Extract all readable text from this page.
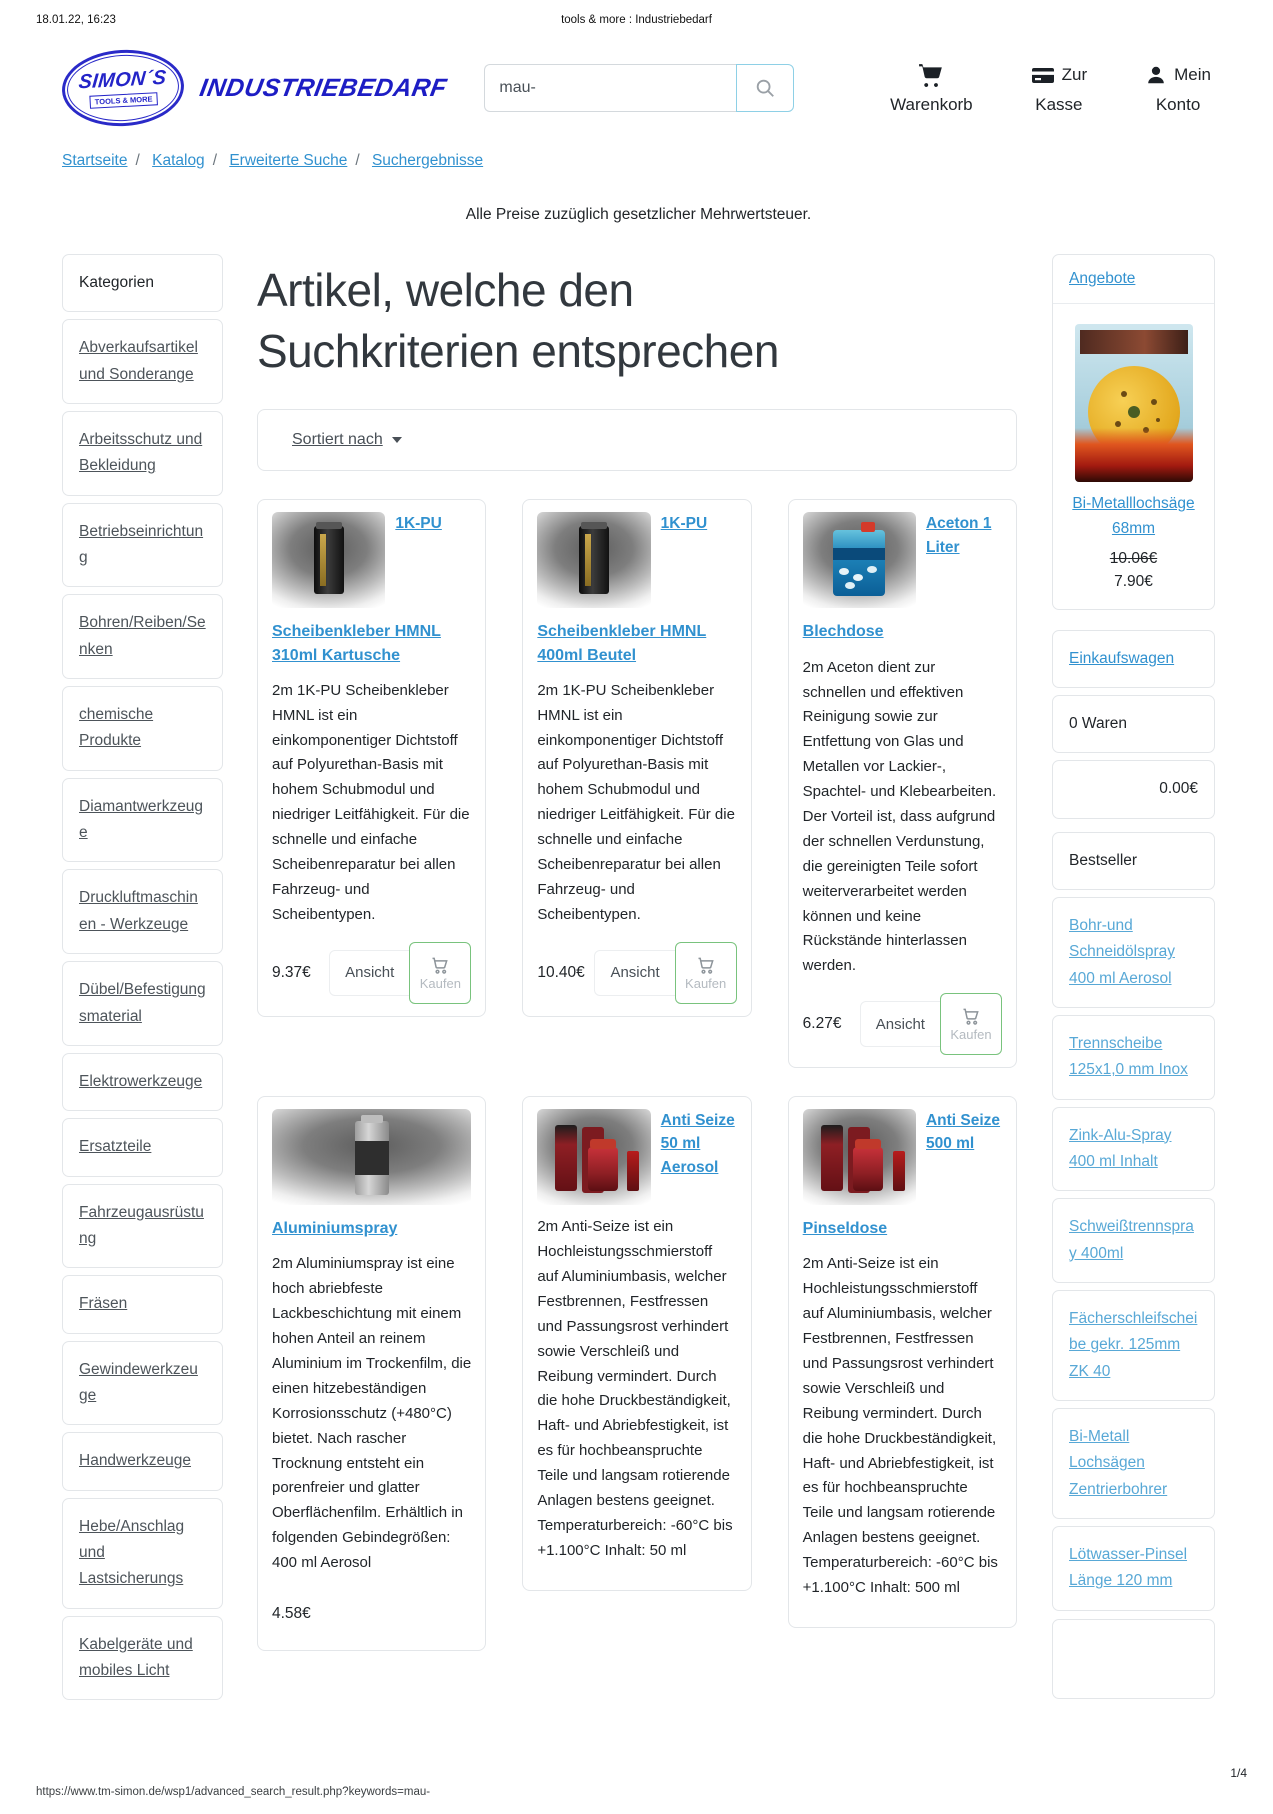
18.01.22, 16:23	tools & more : Industriebedarf
SIMON´S
TOOLS & MORE INDUSTRIEBEDARF
mau-
Warenkorb
Zur
Kasse
Mein
Konto
Startseite / Katalog / Erweiterte Suche / Suchergebnisse
Alle Preise zuzüglich gesetzlicher Mehrwertsteuer.
Kategorien
Abverkaufsartikel und Sonderange
Arbeitsschutz und Bekleidung
Betriebseinrichtung
Bohren/Reiben/Senken
chemische Produkte
Diamantwerkzeuge
Druckluftmaschinen - Werkzeuge
Dübel/Befestigungsmaterial
Elektrowerkzeuge
Ersatzteile
Fahrzeugausrüstung
Fräsen
Gewindewerkzeuge
Handwerkzeuge
Hebe/Anschlag und Lastsicherungs
Kabelgeräte und mobiles Licht
Artikel, welche den Suchkriterien entsprechen
Sortiert nach
1K-PU
Scheibenkleber HMNL 310ml Kartusche

2m 1K-PU Scheibenkleber HMNL ist ein einkomponentiger Dichtstoff auf Polyurethan-Basis mit hohem Schubmodul und niedriger Leitfähigkeit. Für die schnelle und einfache Scheibenreparatur bei allen Fahrzeug- und Scheibentypen.

9.37€	Ansicht
Kaufen
1K-PU
Scheibenkleber HMNL 400ml Beutel

2m 1K-PU Scheibenkleber HMNL ist ein einkomponentiger Dichtstoff auf Polyurethan-Basis mit hohem Schubmodul und niedriger Leitfähigkeit. Für die schnelle und einfache Scheibenreparatur bei allen Fahrzeug- und Scheibentypen.

10.40€	Ansicht
Kaufen
Aceton 1 Liter
Blechdose

2m Aceton dient zur schnellen und effektiven Reinigung sowie zur Entfettung von Glas und Metallen vor Lackier-, Spachtel- und Klebearbeiten. Der Vorteil ist, dass aufgrund der schnellen Verdunstung, die gereinigten Teile sofort weiterverarbeitet werden können und keine Rückstände hinterlassen werden.

6.27€	Ansicht
Kaufen
Aluminiumspray

2m Aluminiumspray ist eine hoch abriebfeste Lackbeschichtung mit einem hohen Anteil an reinem Aluminium im Trockenfilm, die einen hitzebeständigen Korrosionsschutz (+480°C) bietet. Nach rascher Trocknung entsteht ein porenfreier und glatter Oberflächenfilm. Erhältlich in folgenden Gebindegrößen: 400 ml Aerosol

4.58€
Anti Seize 50 ml Aerosol

2m Anti-Seize ist ein Hochleistungsschmierstoff auf Aluminiumbasis, welcher Festbrennen, Festfressen und Passungsrost verhindert sowie Verschleiß und Reibung vermindert. Durch die hohe Druckbeständigkeit, Haft- und Abriebfestigkeit, ist es für hochbeanspruchte Teile und langsam rotierende Anlagen bestens geeignet. Temperaturbereich: -60°C bis +1.100°C Inhalt: 50 ml

Anti Seize 500 ml
Pinseldose

2m Anti-Seize ist ein Hochleistungsschmierstoff auf Aluminiumbasis, welcher Festbrennen, Festfressen und Passungsrost verhindert sowie Verschleiß und Reibung vermindert. Durch die hohe Druckbeständigkeit, Haft- und Abriebfestigkeit, ist es für hochbeanspruchte Teile und langsam rotierende Anlagen bestens geeignet. Temperaturbereich: -60°C bis +1.100°C Inhalt: 500 ml

Angebote
Bi-Metalllochsäge 68mm
10.06€
7.90€
Einkaufswagen
0 Waren
0.00€
Bestseller
Bohr-und Schneidölspray 400 ml Aerosol
Trennscheibe 125x1,0 mm Inox
Zink-Alu-Spray 400 ml Inhalt
Schweißtrennspray 400ml
Fächerschleifscheibe gekr. 125mm ZK 40
Bi-Metall Lochsägen Zentrierbohrer
Lötwasser-Pinsel Länge 120 mm
https://www.tm-simon.de/wsp1/advanced_search_result.php?keywords=mau-
1/4
